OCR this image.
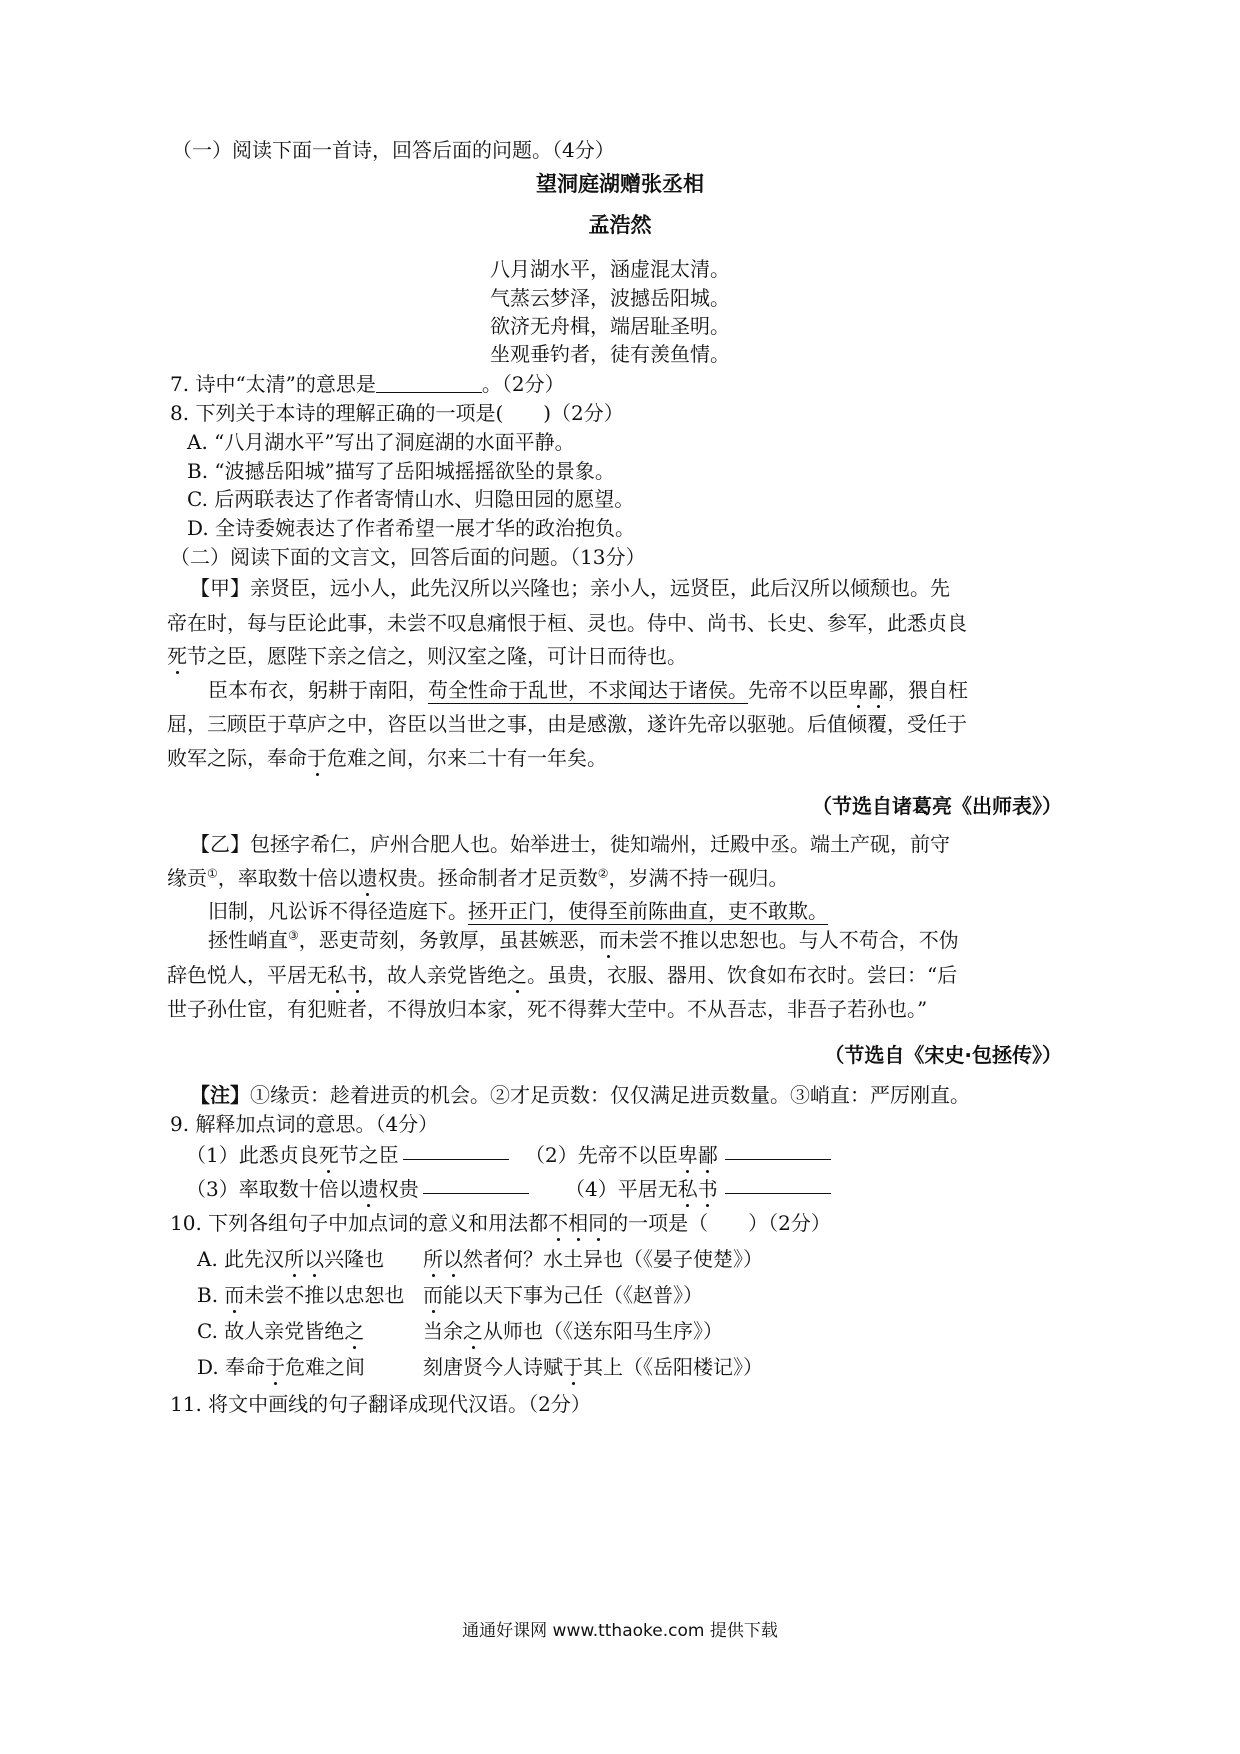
（一）阅读下面一首诗，回答后面的问题。（4分）
望洞庭湖赠张丞相
孟浩然
八月湖水平，涵虚混太清。
气蒸云梦泽，波撼岳阳城。
欲济无舟楫，端居耻圣明。
坐观垂钓者，徒有羡鱼情。
7. 诗中“太清”的意思是	。（2分）
8. 下列关于本诗的理解正确的一项是(　　)（2分）
A. “八月湖水平”写出了洞庭湖的水面平静。
B. “波撼岳阳城”描写了岳阳城摇摇欲坠的景象。
C. 后两联表达了作者寄情山水、归隐田园的愿望。
D. 全诗委婉表达了作者希望一展才华的政治抱负。
（二）阅读下面的文言文，回答后面的问题。（13分）
【甲】亲贤臣，远小人，此先汉所以兴隆也；亲小人，远贤臣，此后汉所以倾颓也。先
帝在时，每与臣论此事，未尝不叹息痛恨于桓、灵也。侍中、尚书、长史、参军，此悉贞良
死节之臣，愿陛下亲之信之，则汉室之隆，可计日而待也。
臣本布衣，躬耕于南阳，苟全性命于乱世，不求闻达于诸侯。先帝不以臣卑鄙，猥自枉
屈，三顾臣于草庐之中，咨臣以当世之事，由是感激，遂许先帝以驱驰。后值倾覆，受任于
败军之际，奉命于危难之间，尔来二十有一年矣。
（节选自诸葛亮《出师表》）
【乙】包拯字希仁，庐州合肥人也。始举进士，徙知端州，迁殿中丞。端土产砚，前守
缘贡①，率取数十倍以遗权贵。拯命制者才足贡数②，岁满不持一砚归。
旧制，凡讼诉不得径造庭下。拯开正门，使得至前陈曲直，吏不敢欺。
拯性峭直③，恶吏苛刻，务敦厚，虽甚嫉恶，而未尝不推以忠恕也。与人不苟合，不伪
辞色悦人，平居无私书，故人亲党皆绝之。虽贵，衣服、器用、饮食如布衣时。尝曰：“后
世子孙仕宦，有犯赃者，不得放归本家，死不得葬大茔中。不从吾志，非吾子若孙也。”
（节选自《宋史·包拯传》）
【注】①缘贡：趁着进贡的机会。②才足贡数：仅仅满足进贡数量。③峭直：严厉刚直。
9. 解释加点词的意思。（4分）
（1）此悉贞良死节之臣	（2）先帝不以臣卑鄙
（3）率取数十倍以遗权贵	（4）平居无私书
10. 下列各组句子中加点词的意义和用法都不相同的一项是（　　）（2分）
A. 此先汉所以兴隆也 所以然者何？水土异也（《晏子使楚》）
B. 而未尝不推以忠恕也 而能以天下事为己任（《赵普》）
C. 故人亲党皆绝之	当余之从师也（《送东阳马生序》）
D. 奉命于危难之间	刻唐贤今人诗赋于其上（《岳阳楼记》）
11. 将文中画线的句子翻译成现代汉语。（2分）
通通好课网 www.tthaoke.com 提供下载
